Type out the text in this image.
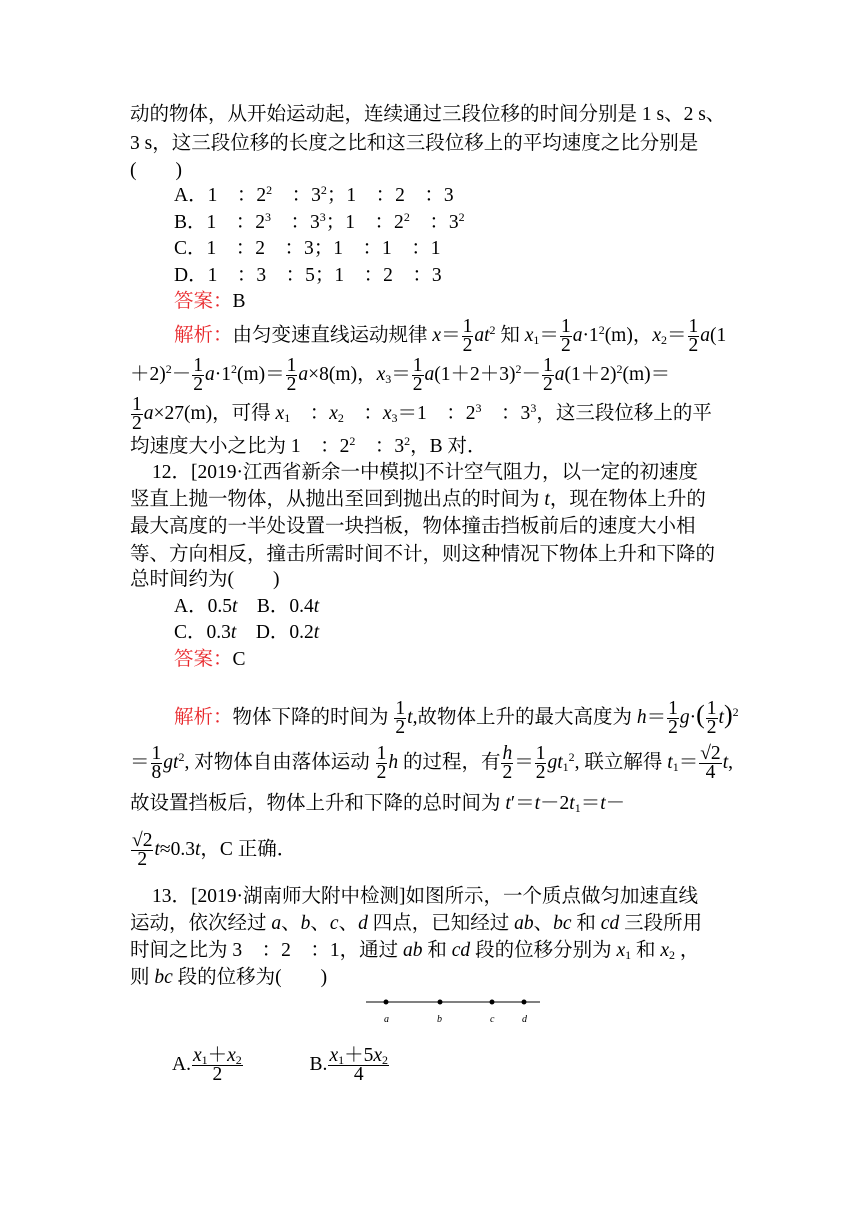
动的物体，从开始运动起，连续通过三段位移的时间分别是 1 s、2 s、
3 s，这三段位移的长度之比和这三段位移上的平均速度之比分别是
(　　)
A．1　：$2^2$　：$3^2$；1　：2　：3
B．1　：$2^3$　：$3^3$；1　：$2^2$　：$3^2$
C．1　：2　：3；1　：1　：1
D．1　：3　：5；1　：2　：3
答案：B
解析：由匀变速直线运动规律 $x= \frac{1}{2} at^2$ 知 $x_1= \frac{1}{2} a\cdot 1^2(m)$，$x_2= \frac{1}{2} a(1$
$+2)^2- \frac{1}{2} a\cdot 1^2(m)= \frac{1}{2} a\times 8(m)$，$x_3= \frac{1}{2} a(1+2+3)^2- \frac{1}{2} a(1+2)^2(m)=$
$\frac{1}{2} a\times 27(m)$，可得 $x_1$　：$x_2$　：$x_3=1$　：$2^3$　：$3^3$，这三段位移上的平
均速度大小之比为 1　：$2^2$　：$3^2$，B 对．
12．[2019·江西省新余一中模拟]不计空气阻力，以一定的初速度
竖直上抛一物体，从抛出至回到抛出点的时间为 t，现在物体上升的
最大高度的一半处设置一块挡板，物体撞击挡板前后的速度大小相
等、方向相反，撞击所需时间不计，则这种情况下物体上升和下降的
总时间约为(　　)
A．0.5t　 B．0.4t
C．0.3t　 D．0.2t
答案：C
解析：物体下降的时间为 $\frac{1}{2} t$,故物体上升的最大高度为 $h= \frac{1}{2} g\cdot( \frac{1}{2} t)^2$
＝ $\frac{1}{8} gt^2$, 对物体自由落体运动 $\frac{1}{2}$ h 的过程，有 $\frac{h}{2} = \frac{1}{2} gt_1^2$, 联立解得 $t_1= \frac{√2}{4} t$,
故设置挡板后，物体上升和下降的总时间为 $t'=t-2t_1=t-$
$\frac{√2}{2} t\approx 0.3t$，C 正确．
13．[2019·湖南师大附中检测]如图所示，一个质点做匀加速直线
运动，依次经过 a、b、c、d 四点，已知经过 ab、bc 和 cd 三段所用
时间之比为 3　：2　：1，通过 ab 和 cd 段的位移分别为 $x_1$ 和 $x_2$ ，
则 bc 段的位移为(　　)
a	b	c	d
A. $\frac{x_1+x_2}{2}$	B. $\frac{x_1+5x_2}{4}$
